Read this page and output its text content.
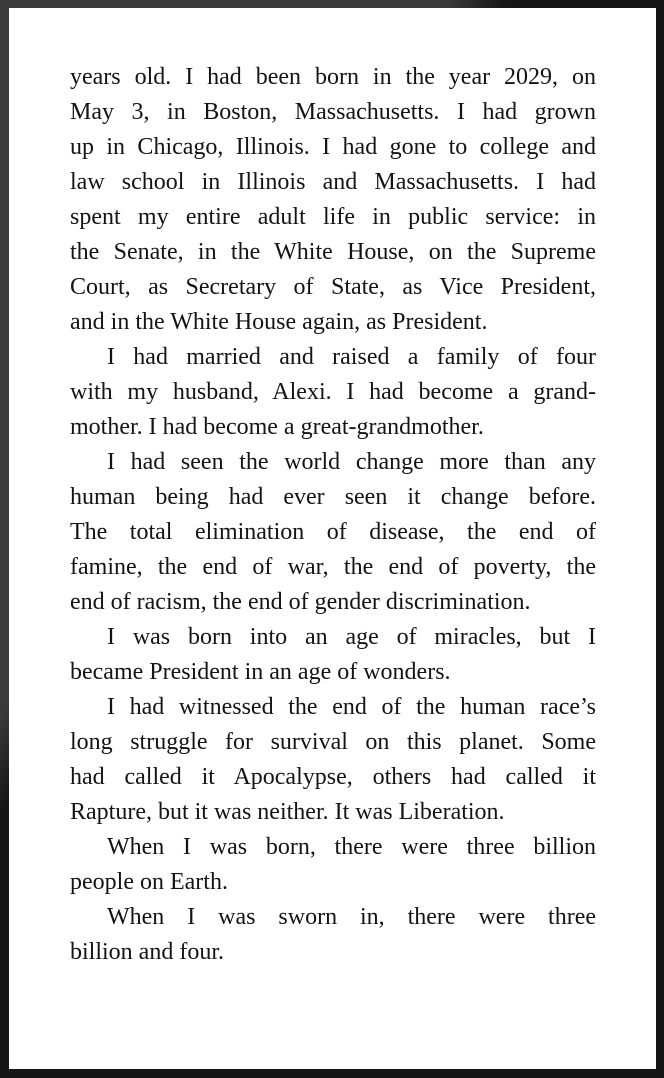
years old. I had been born in the year 2029, on
May 3, in Boston, Massachusetts. I had grown
up in Chicago, Illinois. I had gone to college and
law school in Illinois and Massachusetts. I had
spent my entire adult life in public service: in
the Senate, in the White House, on the Supreme
Court, as Secretary of State, as Vice President,
and in the White House again, as President.
I had married and raised a family of four
with my husband, Alexi. I had become a grand-
mother. I had become a great-grandmother.
I had seen the world change more than any
human being had ever seen it change before.
The total elimination of disease, the end of
famine, the end of war, the end of poverty, the
end of racism, the end of gender discrimination.
I was born into an age of miracles, but I
became President in an age of wonders.
I had witnessed the end of the human race’s
long struggle for survival on this planet. Some
had called it Apocalypse, others had called it
Rapture, but it was neither. It was Liberation.
When I was born, there were three billion
people on Earth.
When I was sworn in, there were three
billion and four.
